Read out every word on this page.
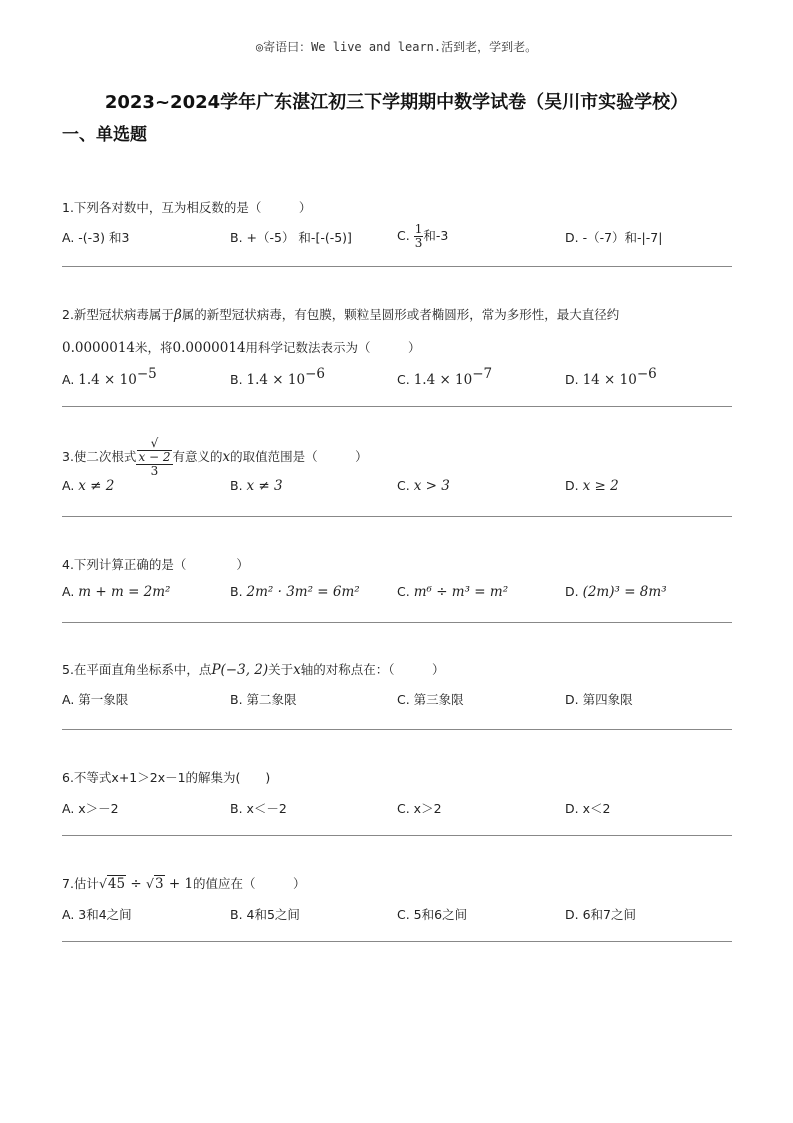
◎寄语曰：We live and learn.活到老，学到老。
2023~2024学年广东湛江初三下学期期中数学试卷（吴川市实验学校）
一、单选题
1.下列各对数中，互为相反数的是（　　　）
A. -(-3) 和3	B. +（-5） 和-[-(-5)]	C. $\frac{1}{3}$ 和-3	D. -（-7）和-|-7|
2.新型冠状病毒属于β属的新型冠状病毒，有包膜，颗粒呈圆形或者椭圆形，常为多形性，最大直径约
0.0000014米，将0.0000014用科学记数法表示为（　　　）
A. $1.4 \times 10^{-5}$	B. $1.4 \times 10^{-6}$	C. $1.4 \times 10^{-7}$	D. $14 \times 10^{-6}$
3.使二次根式 √
x − 2
3 有意义的x的取值范围是（　　　）
A. x ≠ 2	B. x ≠ 3	C. x > 3	D. x ≥ 2
4.下列计算正确的是（　　　　）
A. m + m = 2m²	B. 2m² · 3m² = 6m²	C. m⁶ ÷ m³ = m²	D. (2m)³ = 8m³
5.在平面直角坐标系中，点P(−3, 2)关于x轴的对称点在：（　　　）
A. 第一象限	B. 第二象限	C. 第三象限	D. 第四象限
6.不等式x+1＞2x－1的解集为(　　)
A. x＞－2	B. x＜－2	C. x＞2	D. x＜2
7.估计√45 ÷ √3 + 1的值应在（　　　）
A. 3和4之间	B. 4和5之间	C. 5和6之间	D. 6和7之间
